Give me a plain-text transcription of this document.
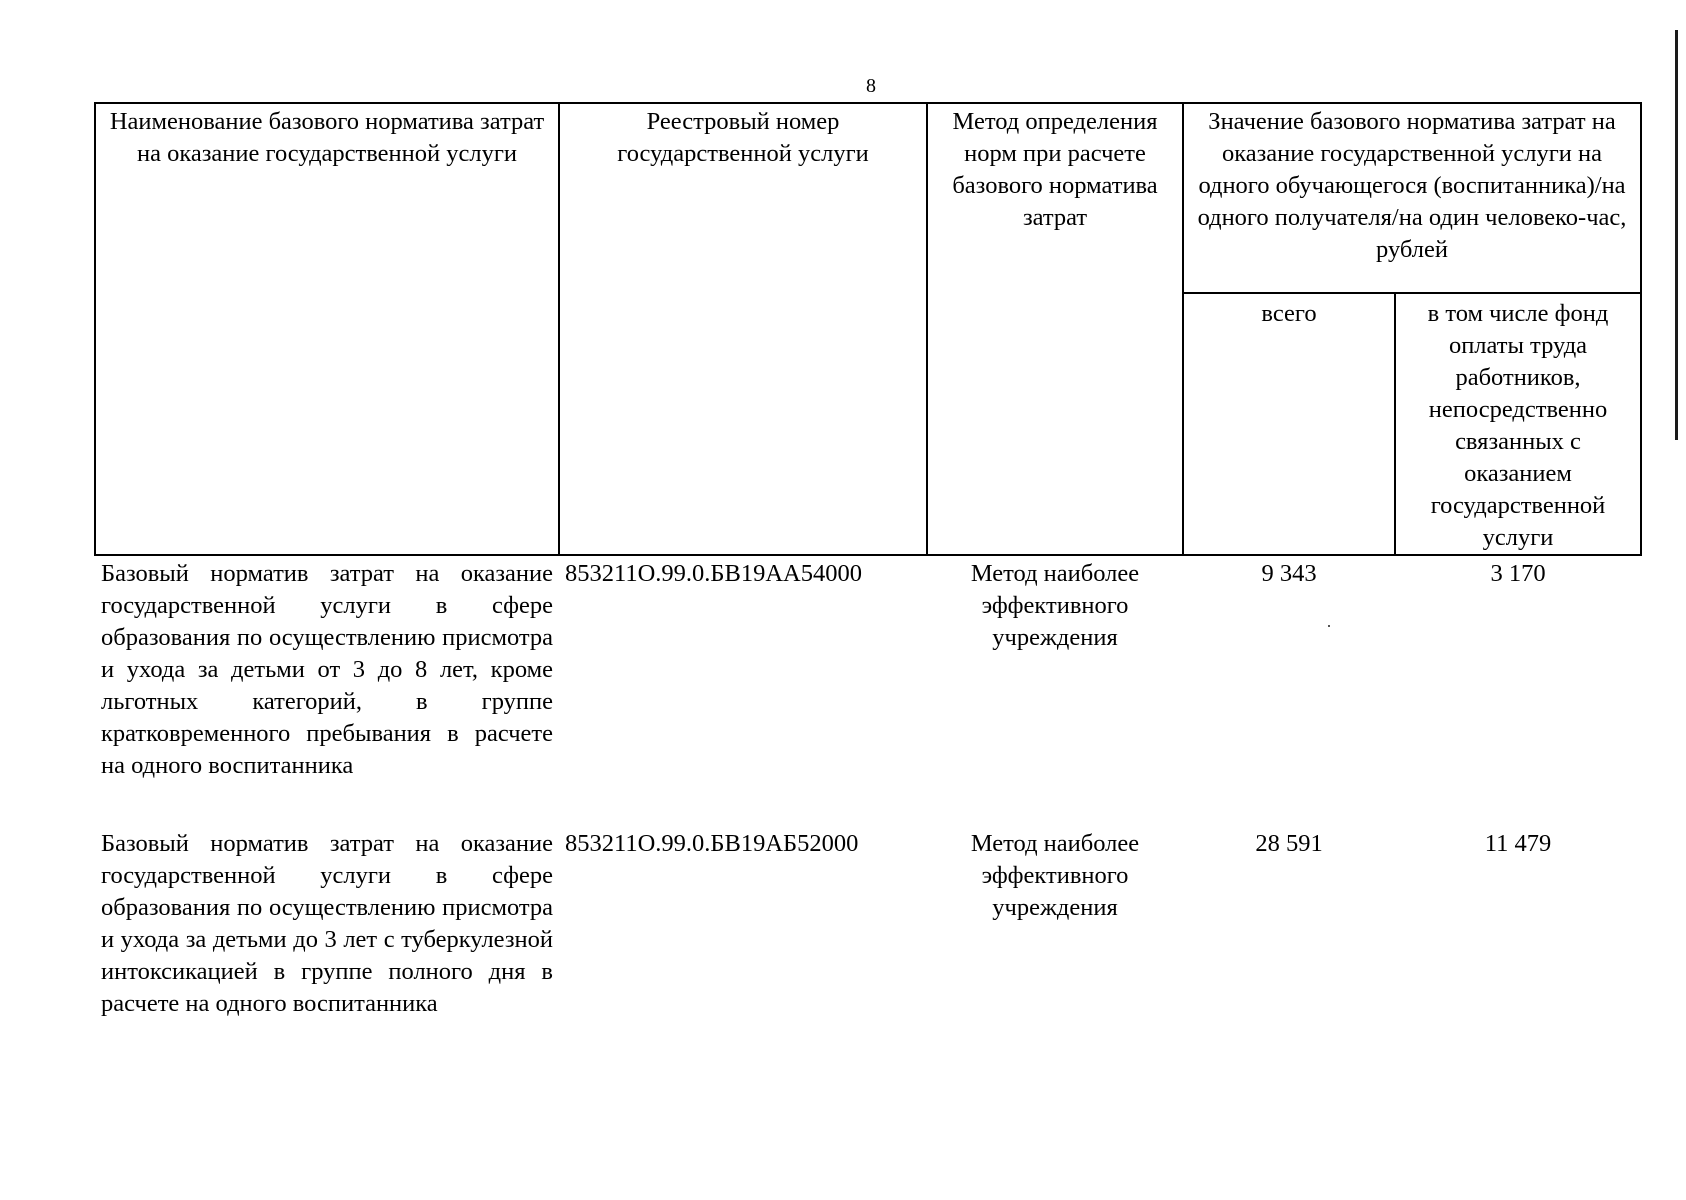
8
Наименование базового норматива затрат на оказание государственной услуги	Реестровый номер государственной услуги	Метод определения норм при расчете базового норматива затрат	Значение базового норматива затрат на оказание государственной услуги на одного обучающегося (воспитанника)/на одного получателя/на один человеко-час, рублей	
			всего	в том числе фонд оплаты труда работников, непосредственно связанных с оказанием государственной услуги
Базовый норматив затрат на оказание государственной услуги в сфере образования по осуществлению присмотра и ухода за детьми от 3 до 8 лет, кроме льготных категорий, в группе кратковременного пребывания в расчете на одного воспитанника	853211О.99.0.БВ19АА54000	Метод наиболее эффективного учреждения	9 343	3 170
Базовый норматив затрат на оказание государственной услуги в сфере образования по осуществлению присмотра и ухода за детьми до 3 лет с туберкулезной интоксикацией в группе полного дня в расчете на одного воспитанника	853211О.99.0.БВ19АБ52000	Метод наиболее эффективного учреждения	28 591	11 479
